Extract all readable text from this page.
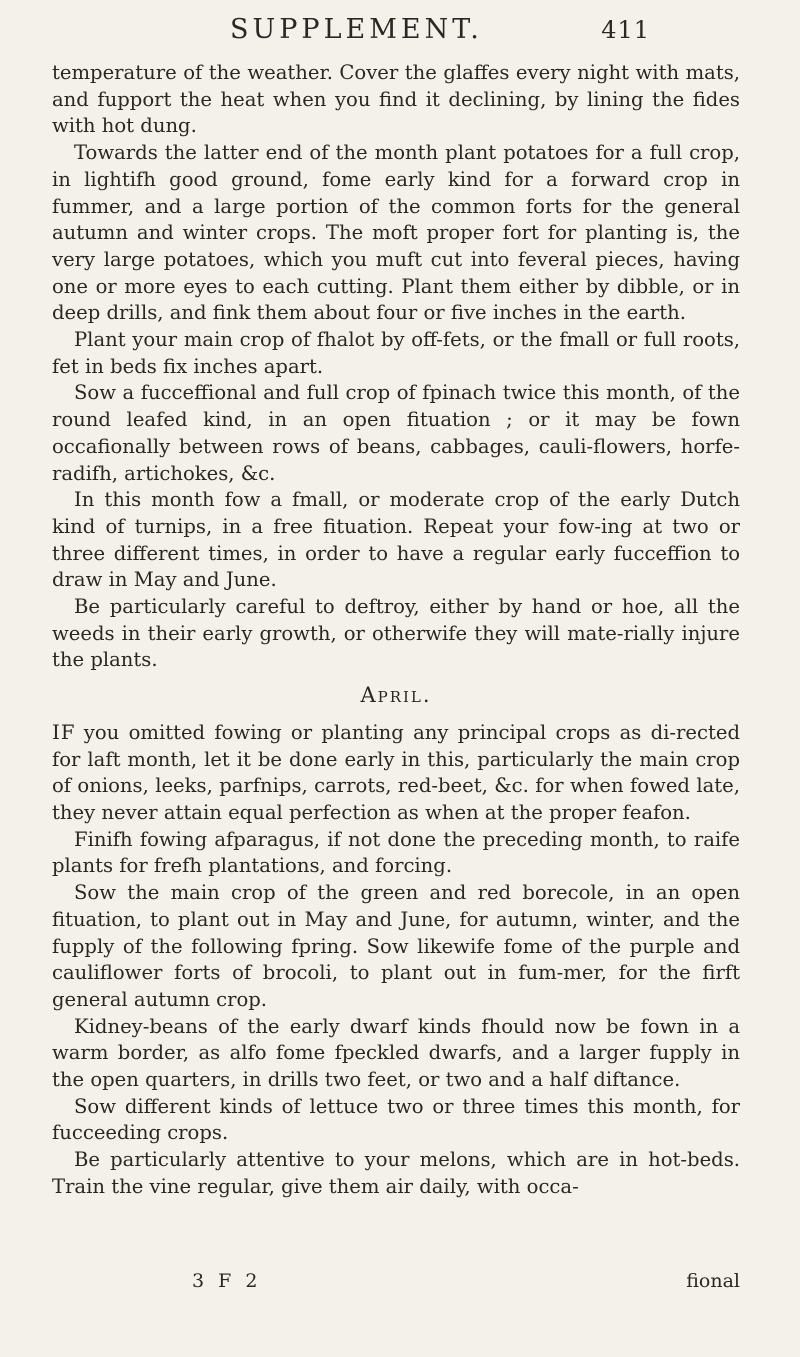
SUPPLEMENT.	411

temperature of the weather. Cover the glaffes every night with mats, and fupport the heat when you find it declining, by lining the fides with hot dung.

Towards the latter end of the month plant potatoes for a full crop, in lightifh good ground, fome early kind for a forward crop in fummer, and a large portion of the common forts for the general autumn and winter crops. The moft proper fort for planting is, the very large potatoes, which you muft cut into feveral pieces, having one or more eyes to each cutting. Plant them either by dibble, or in deep drills, and fink them about four or five inches in the earth.

Plant your main crop of fhalot by off-fets, or the fmall or full roots, fet in beds fix inches apart.

Sow a fucceffional and full crop of fpinach twice this month, of the round leafed kind, in an open fituation ; or it may be fown occafionally between rows of beans, cabbages, cauli-flowers, horfe-radifh, artichokes, &c.

In this month fow a fmall, or moderate crop of the early Dutch kind of turnips, in a free fituation. Repeat your fow-ing at two or three different times, in order to have a regular early fucceffion to draw in May and June.

Be particularly careful to deftroy, either by hand or hoe, all the weeds in their early growth, or otherwife they will mate-rially injure the plants.

April.

IF you omitted fowing or planting any principal crops as di-rected for laft month, let it be done early in this, particularly the main crop of onions, leeks, parfnips, carrots, red-beet, &c. for when fowed late, they never attain equal perfection as when at the proper feafon.

Finifh fowing afparagus, if not done the preceding month, to raife plants for frefh plantations, and forcing.

Sow the main crop of the green and red borecole, in an open fituation, to plant out in May and June, for autumn, winter, and the fupply of the following fpring. Sow likewife fome of the purple and cauliflower forts of brocoli, to plant out in fum-mer, for the firft general autumn crop.

Kidney-beans of the early dwarf kinds fhould now be fown in a warm border, as alfo fome fpeckled dwarfs, and a larger fupply in the open quarters, in drills two feet, or two and a half diftance.

Sow different kinds of lettuce two or three times this month, for fucceeding crops.

Be particularly attentive to your melons, which are in hot-beds. Train the vine regular, give them air daily, with occa-

3 F 2	fional
